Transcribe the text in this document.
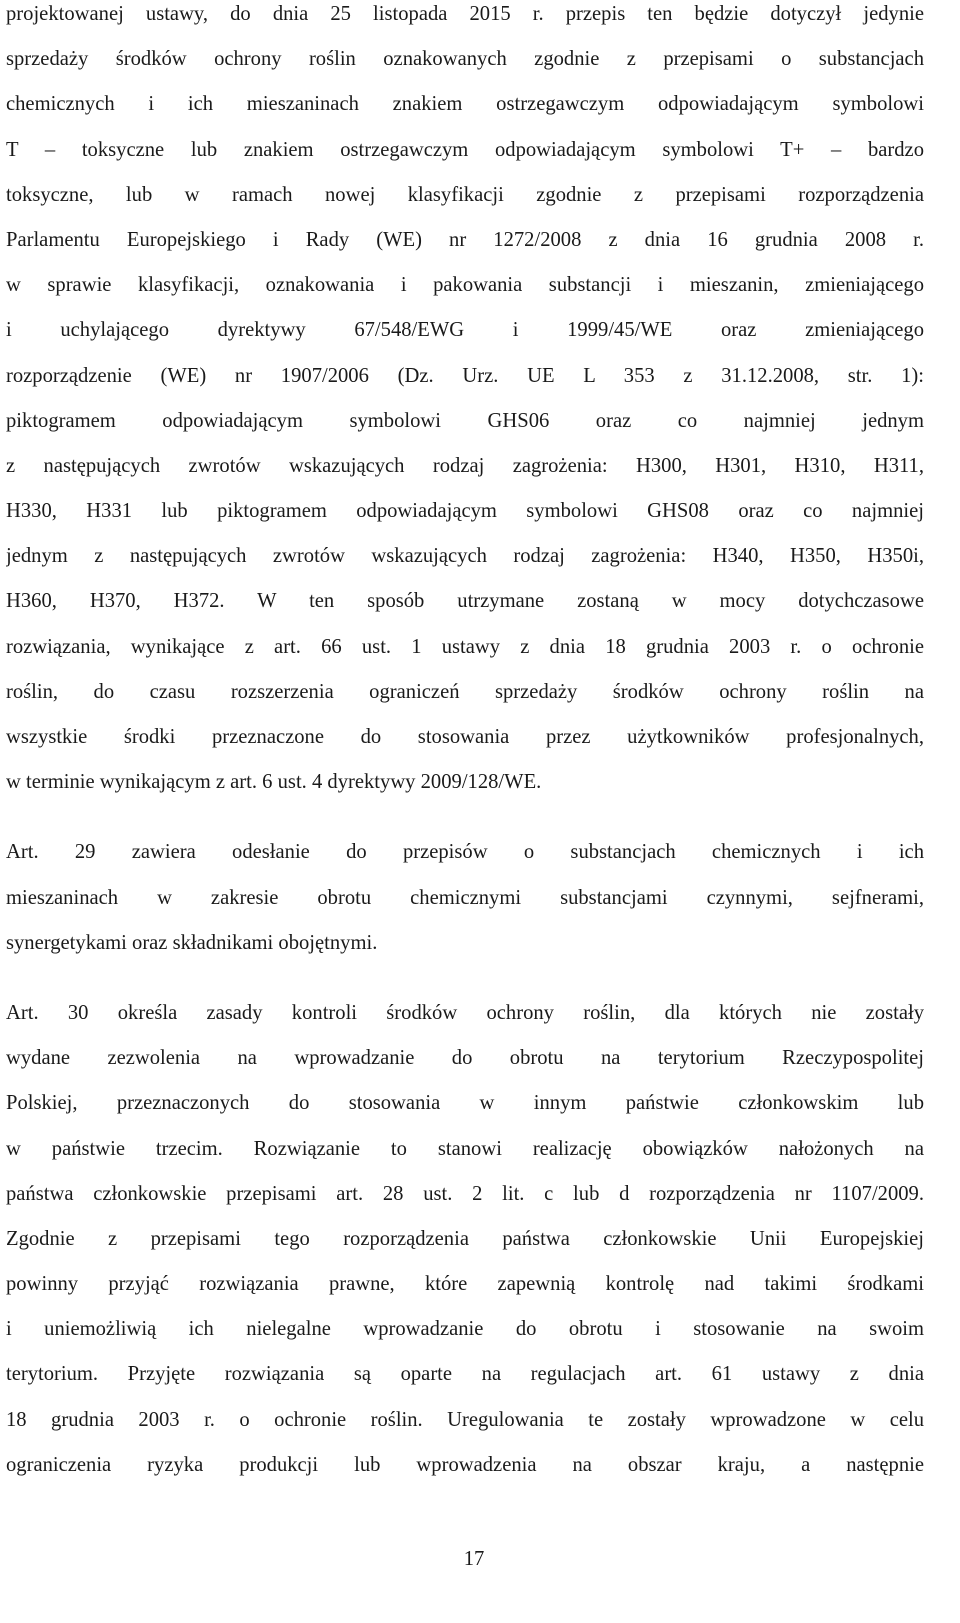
projektowanej ustawy, do dnia 25 listopada 2015 r. przepis ten będzie dotyczył jedynie
sprzedaży środków ochrony roślin oznakowanych zgodnie z przepisami o substancjach
chemicznych i ich mieszaninach znakiem ostrzegawczym odpowiadającym symbolowi
T – toksyczne lub znakiem ostrzegawczym odpowiadającym symbolowi T+ – bardzo
toksyczne, lub w ramach nowej klasyfikacji zgodnie z przepisami rozporządzenia
Parlamentu Europejskiego i Rady (WE) nr 1272/2008 z dnia 16 grudnia 2008 r.
w sprawie klasyfikacji, oznakowania i pakowania substancji i mieszanin, zmieniającego
i uchylającego dyrektywy 67/548/EWG i 1999/45/WE oraz zmieniającego
rozporządzenie (WE) nr 1907/2006 (Dz. Urz. UE L 353 z 31.12.2008, str. 1):
piktogramem odpowiadającym symbolowi GHS06 oraz co najmniej jednym
z następujących zwrotów wskazujących rodzaj zagrożenia: H300, H301, H310, H311,
H330, H331 lub piktogramem odpowiadającym symbolowi GHS08 oraz co najmniej
jednym z następujących zwrotów wskazujących rodzaj zagrożenia: H340, H350, H350i,
H360, H370, H372. W ten sposób utrzymane zostaną w mocy dotychczasowe
rozwiązania, wynikające z art. 66 ust. 1 ustawy z dnia 18 grudnia 2003 r. o ochronie
roślin, do czasu rozszerzenia ograniczeń sprzedaży środków ochrony roślin na
wszystkie środki przeznaczone do stosowania przez użytkowników profesjonalnych,
w terminie wynikającym z art. 6 ust. 4 dyrektywy 2009/128/WE.
Art. 29 zawiera odesłanie do przepisów o substancjach chemicznych i ich
mieszaninach w zakresie obrotu chemicznymi substancjami czynnymi, sejfnerami,
synergetykami oraz składnikami obojętnymi.
Art. 30 określa zasady kontroli środków ochrony roślin, dla których nie zostały
wydane zezwolenia na wprowadzanie do obrotu na terytorium Rzeczypospolitej
Polskiej, przeznaczonych do stosowania w innym państwie członkowskim lub
w państwie trzecim. Rozwiązanie to stanowi realizację obowiązków nałożonych na
państwa członkowskie przepisami art. 28 ust. 2 lit. c lub d rozporządzenia nr 1107/2009.
Zgodnie z przepisami tego rozporządzenia państwa członkowskie Unii Europejskiej
powinny przyjąć rozwiązania prawne, które zapewnią kontrolę nad takimi środkami
i uniemożliwią ich nielegalne wprowadzanie do obrotu i stosowanie na swoim
terytorium. Przyjęte rozwiązania są oparte na regulacjach art. 61 ustawy z dnia
18 grudnia 2003 r. o ochronie roślin. Uregulowania te zostały wprowadzone w celu
ograniczenia ryzyka produkcji lub wprowadzenia na obszar kraju, a następnie
17
